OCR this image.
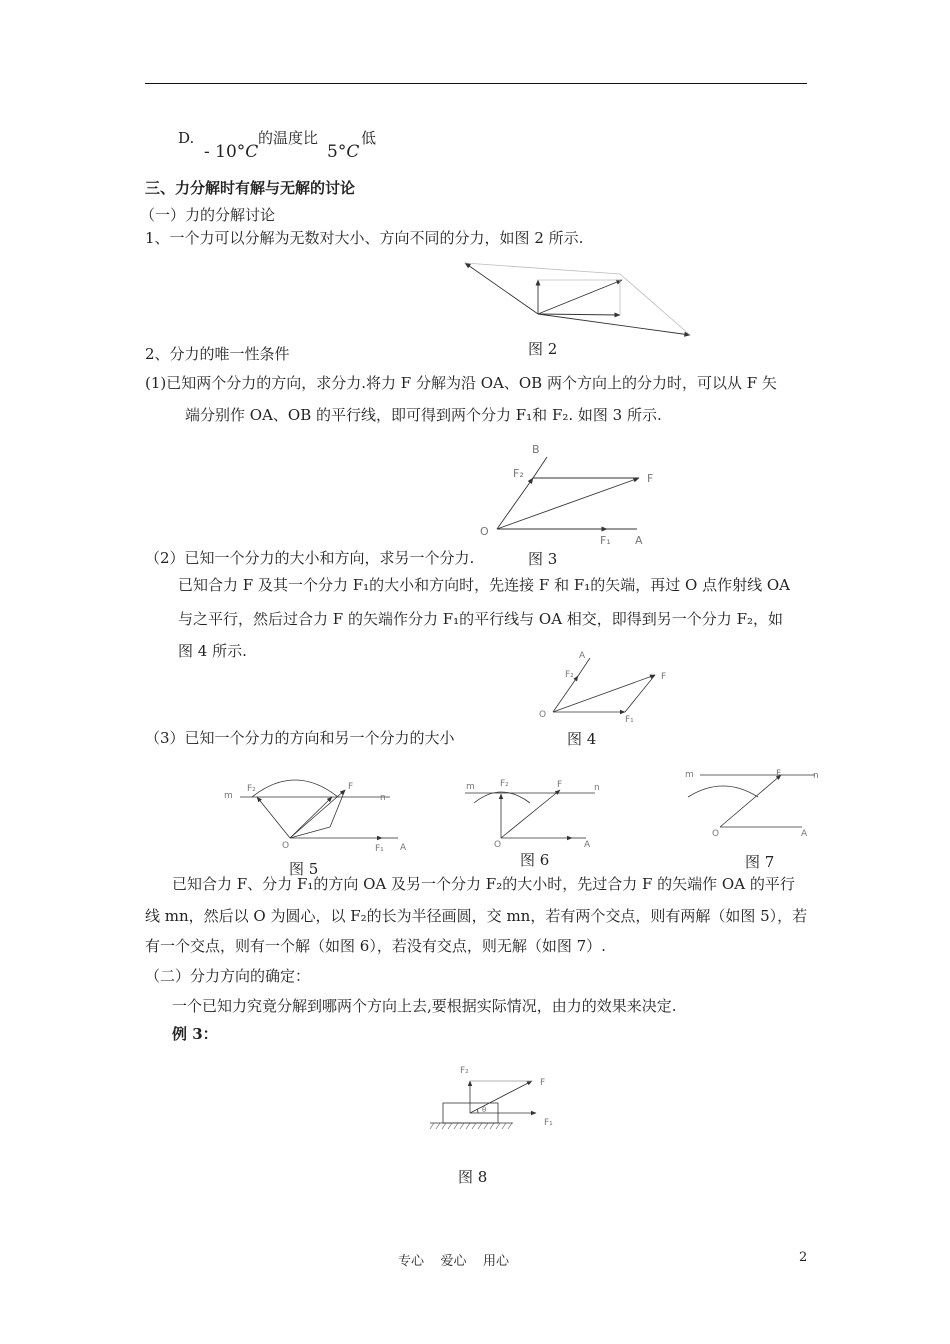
D.
- 10°C
的温度比
5°C
低
三、力分解时有解与无解的讨论
（一）力的分解讨论
1、一个力可以分解为无数对大小、方向不同的分力，如图 2 所示.
图 2
2、分力的唯一性条件
(1)已知两个分力的方向，求分力.将力 F 分解为沿 OA、OB 两个方向上的分力时，可以从 F 矢
端分别作 OA、OB 的平行线，即可得到两个分力 F₁和 F₂. 如图 3 所示.
B
F₂	F
O
F₁ A
（2）已知一个分力的大小和方向，求另一个分力.	图 3
已知合力 F 及其一个分力 F₁的大小和方向时，先连接 F 和 F₁的矢端，再过 O 点作射线 OA
与之平行，然后过合力 F 的矢端作分力 F₁的平行线与 OA 相交，即得到另一个分力 F₂，如
图 4 所示.	A
F₂	F
O	F₁
（3）已知一个分力的方向和另一个分力的大小	图 4
m
F₂	F
n
O	F₁ A
m	F₂	F	n
O	A
m	F	n
O	A
图 5	图 6	图 7
已知合力 F、分力 F₁的方向 OA 及另一个分力 F₂的大小时，先过合力 F 的矢端作 OA 的平行
线 mn，然后以 O 为圆心，以 F₂的长为半径画圆，交 mn，若有两个交点，则有两解（如图 5），若
有一个交点，则有一个解（如图 6），若没有交点，则无解（如图 7）.
（二）分力方向的确定：
一个已知力究竟分解到哪两个方向上去,要根据实际情况，由力的效果来决定.
例 3：
F₂
F
F₁
θ
图 8
专心    爱心    用心	2
